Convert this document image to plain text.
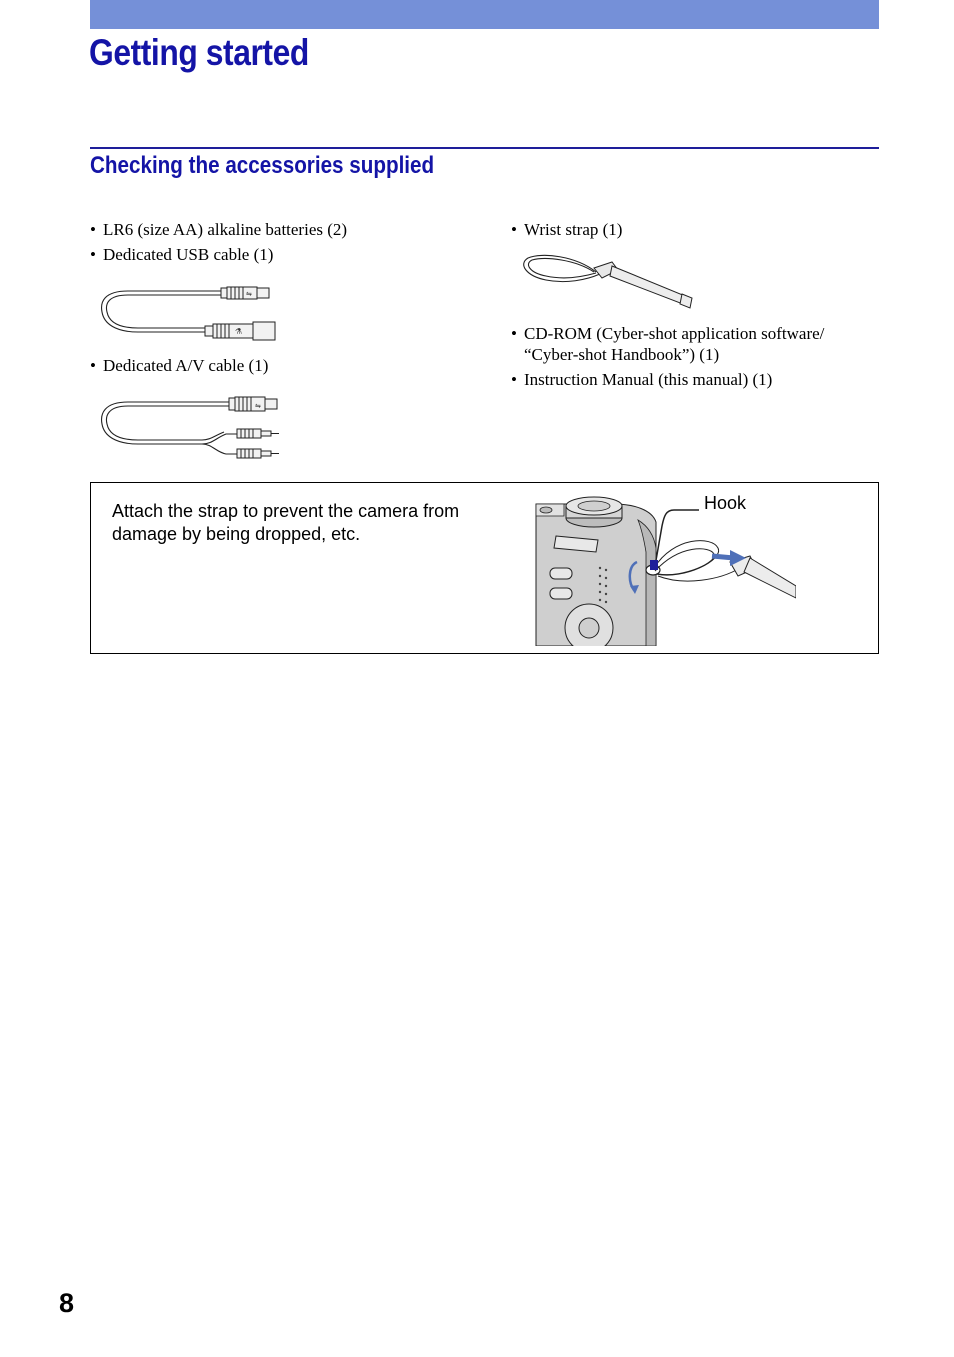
Getting started
Checking the accessories supplied
• LR6 (size AA) alkaline batteries (2)
• Dedicated USB cable (1)
⇋
⚗
• Dedicated A/V cable (1)
⇋
• Wrist strap (1)
• CD-ROM (Cyber-shot application software/
“Cyber-shot Handbook”) (1)
• Instruction Manual (this manual) (1)
Attach the strap to prevent the camera from damage by being dropped, etc.
Hook
8
